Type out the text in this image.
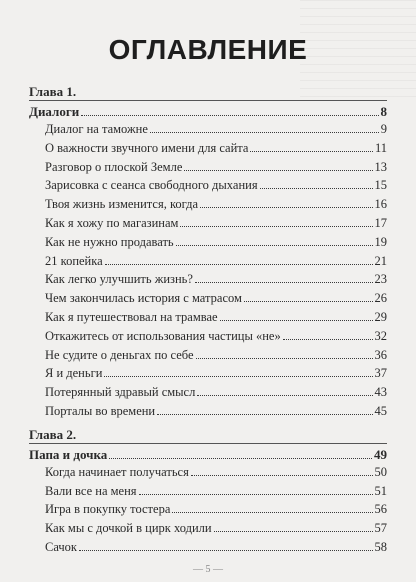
ОГЛАВЛЕНИЕ
Глава 1.
Диалоги	8
Диалог на таможне	9
О важности звучного имени для сайта	11
Разговор о плоской Земле	13
Зарисовка с сеанса свободного дыхания	15
Твоя жизнь изменится, когда	16
Как я хожу по магазинам	17
Как не нужно продавать	19
21 копейка	21
Как легко улучшить жизнь?	23
Чем закончилась история с матрасом	26
Как я путешествовал на трамвае	29
Откажитесь от использования частицы «не»	32
Не судите о деньгах по себе	36
Я и деньги	37
Потерянный здравый смысл	43
Порталы во времени	45
Глава 2.
Папа и дочка	49
Когда начинает получаться	50
Вали все на меня	51
Игра в покупку тостера	56
Как мы с дочкой в цирк ходили	57
Сачок	58
— 5 —
